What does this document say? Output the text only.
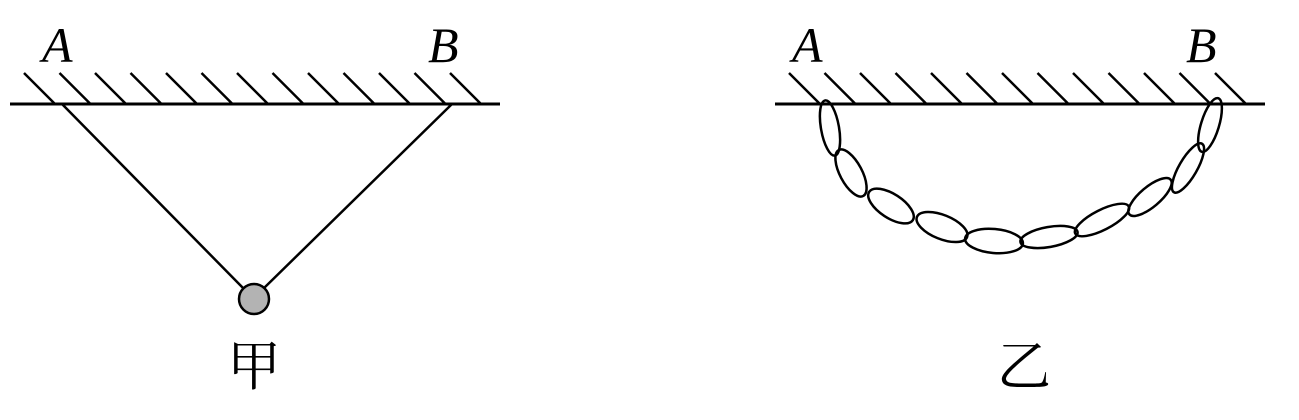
A	B
甲
A	B
乙
